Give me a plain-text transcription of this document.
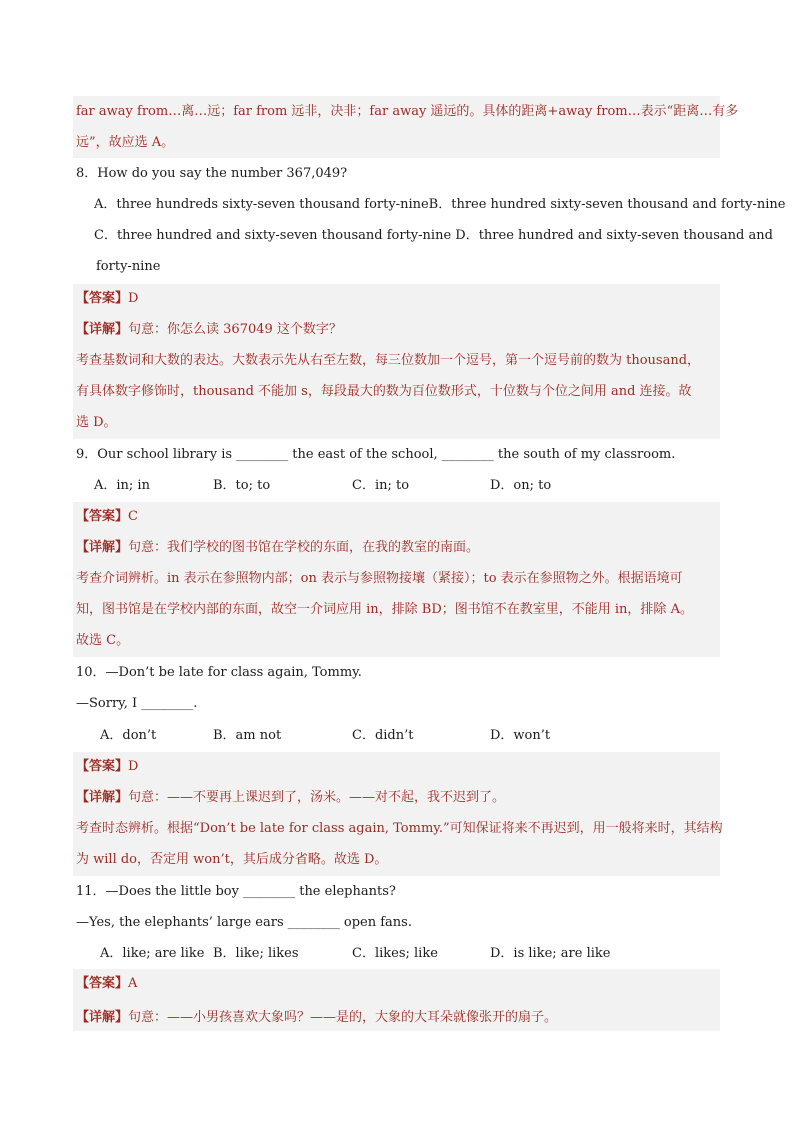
far away from…离…远；far from 远非，决非；far away 遥远的。具体的距离+away from…表示“距离…有多
远”，故应选 A。
8．How do you say the number 367,049?
A．three hundreds sixty-seven thousand forty-nineB．three hundred sixty-seven thousand and forty-nine
C．three hundred and sixty-seven thousand forty-nine D．three hundred and sixty-seven thousand and
forty-nine
【答案】D
【详解】句意：你怎么读 367049 这个数字？
考查基数词和大数的表达。大数表示先从右至左数，每三位数加一个逗号，第一个逗号前的数为 thousand，
有具体数字修饰时，thousand 不能加 s，每段最大的数为百位数形式，十位数与个位之间用 and 连接。故
选 D。
9．Our school library is ________ the east of the school, ________ the south of my classroom.
A．in; in	B．to; to	C．in; to	D．on; to
【答案】C
【详解】句意：我们学校的图书馆在学校的东面，在我的教室的南面。
考查介词辨析。in 表示在参照物内部；on 表示与参照物接壤（紧接）；to 表示在参照物之外。根据语境可
知，图书馆是在学校内部的东面，故空一介词应用 in，排除 BD；图书馆不在教室里，不能用 in，排除 A。
故选 C。
10．—Don’t be late for class again, Tommy.
—Sorry, I ________.
A．don’t	B．am not	C．didn’t	D．won’t
【答案】D
【详解】句意：——不要再上课迟到了，汤米。——对不起，我不迟到了。
考查时态辨析。根据“Don’t be late for class again, Tommy.”可知保证将来不再迟到，用一般将来时，其结构
为 will do，否定用 won’t，其后成分省略。故选 D。
11．—Does the little boy ________ the elephants?
—Yes, the elephants’ large ears ________ open fans.
A．like; are like B．like; likes	C．likes; like	D．is like; are like
【答案】A
【详解】句意：——小男孩喜欢大象吗？——是的，大象的大耳朵就像张开的扇子。
